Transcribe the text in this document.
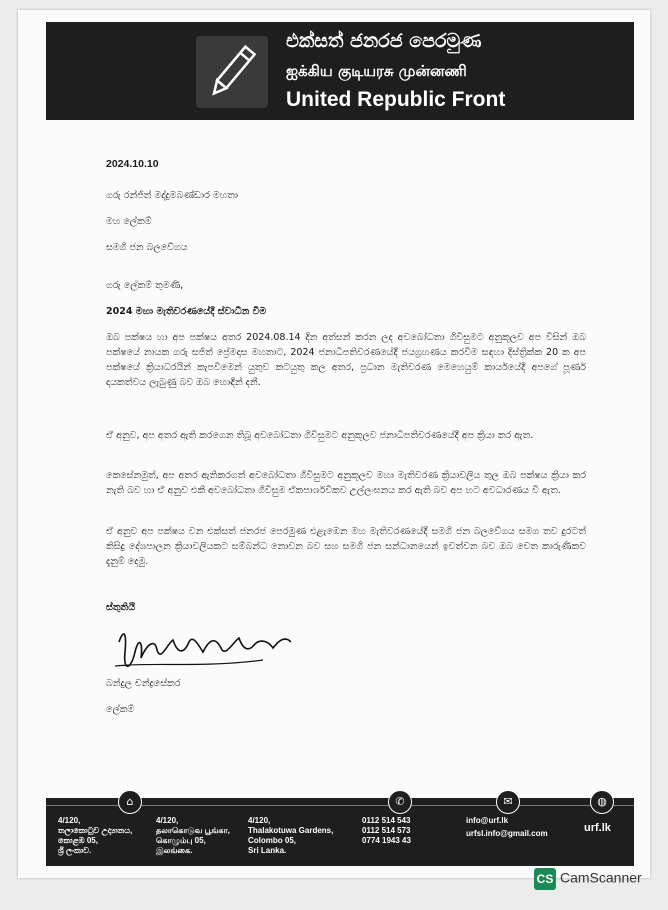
එක්සත් ජනරජ පෙරමුණ
ஐக்கிய குடியரசு முன்னணி
United Republic Front
2024.10.10
ගරු රන්ජිත් මද්දුමබණ්ඩාර මහතා
මහ ලේකම්
සමගි ජන බලවේගය
ගරු ලේකම් තුමණි,
2024 මහා මැතිවරණයේදී ස්වාධීන වීම
ඔබ පක්ෂය හා අප පක්ෂය අතර 2024.08.14 දින අත්සන් කරන ලද අවබෝධතා ගිවිසුමට අනුකූලව අප විසින් ඔබ පක්ෂයේ නායක ගරු සජිත් ප්‍රේමදාස මහතාට, 2024 ජනාධිපතිවරණයේදී ජයග්‍රහණය කරවීම සඳහා දිස්ත්‍රික්ක 20 ක අප පක්ෂයේ ක්‍රියාධරයින් කැපවීමෙන් යුතුව කටයුතු කල අතර, ප්‍රධාන මැතිවරණ මෙහෙයුම් කාර්යයේදී අපගේ පූර්ණ දායකත්වය ලැබුණු බව ඔබ හොඳින් දනී.
ඒ අනුව, අප අතර ඇති කරගෙන තිබූ අවබෝධතා ගිවිසුමට අනුකූලව ජනාධිපතිවරණයේදී අප ක්‍රියා කර ඇත.
කෙසේනමුත්, අප අතර ඇතිකරගත් අවබෝධතා ගිවිසුමට අනුකූලව මහා මැතිවරණ ක්‍රියාවලිය තුල ඔබ පක්ෂය ක්‍රියා කර නැති බව හා ඒ අනුව එකී අවබෝධතා ගිවිසුම ඒකපාර්ශවිකව උල්ලංඝනය කර ඇති බව අප හට අවධාරණය වී ඇත.
ඒ අනුව අප පක්ෂය වන එක්සත් ජනරජ පෙරමුණ එළැඹෙන මහ මැතිවරණයේදී සමගි ජන බලවේගය සමග තව දුරටත් කිසිදු දේශපාලන ක්‍රියාවලියකට සම්බන්ධ නොවන බව සහ සමගි ජන සන්ධානයෙන් ඉවත්වන බව ඔබ වෙත කාරුණිකව දැනුම් දෙමු.
ස්තුතියි
බන්දුල චන්ද්‍රසේකර
ලේකම්
⌂	✆	✉	◍
4/120,
තලාකොටුව උද්‍යානය,
කොළඹ 05,
ශ්‍රී ලංකාව.
4/120,
தலாகொடுவ பூங்கா,
கொழும்பு 05,
இலங்கை.
4/120,
Thalakotuwa Gardens,
Colombo 05,
Sri Lanka.
0112 514 543
0112 514 573
0774 1943 43
info@urf.lk
urfsl.info@gmail.com	urf.lk
CS CamScanner
